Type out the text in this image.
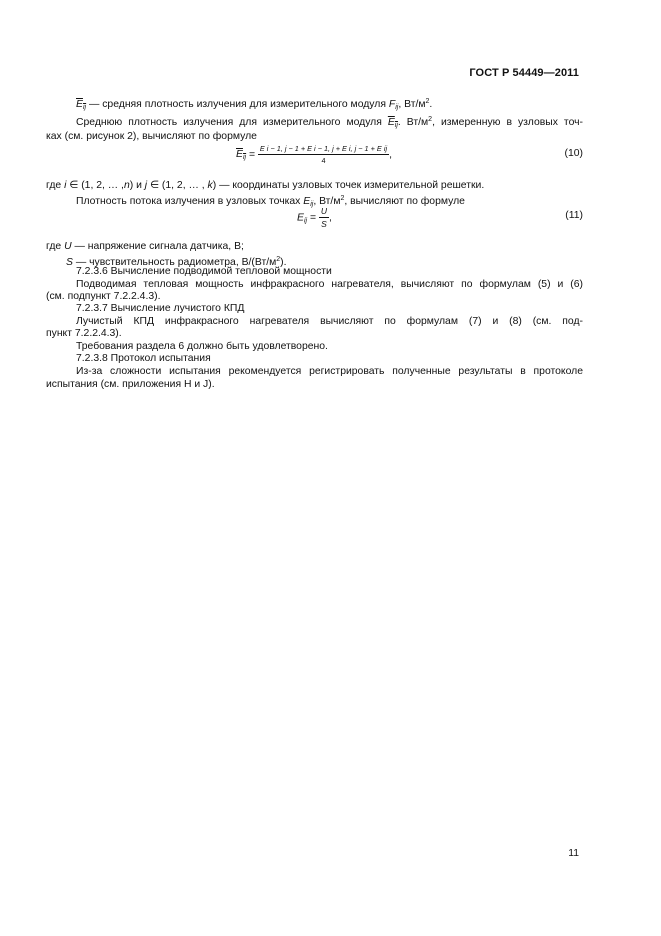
ГОСТ Р 54449—2011
$E_{ij}$ — средняя плотность излучения для измерительного модуля $F_{ij}$, $Вт/м^2$.
Среднюю плотность излучения для измерительного модуля $E_{ij}$. $Вт/м^2$, измеренную в узловых точ-
ках (см. рисунок 2), вычисляют по формуле
$E_{ij} = \frac{\text{E i − 1, j − 1 + E i − 1, j + E i, j − 1 + E ij}}{4}$ ,	(10)
где i ∈ (1, 2, … ,n) и j ∈ (1, 2, … , k) — координаты узловых точек измерительной решетки.
Плотность потока излучения в узловых точках $E_{ij}$, $Вт/м^2$, вычисляют по формуле
$E_{ij} = \frac{U}{S}$ ,	(11)
где U — напряжение сигнала датчика, В;
S — чувствительность радиометра, $В/(Вт/м^2)$.
7.2.3.6 Вычисление подводимой тепловой мощности
Подводимая тепловая мощность инфракрасного нагревателя, вычисляют по формулам (5) и (6)
(см. подпункт 7.2.2.4.3).
7.2.3.7 Вычисление лучистого КПД
Лучистый КПД инфракрасного нагревателя вычисляют по формулам (7) и (8) (см. под-
пункт 7.2.2.4.3).
Требования раздела 6 должно быть удовлетворено.
7.2.3.8 Протокол испытания
Из-за сложности испытания рекомендуется регистрировать полученные результаты в протоколе
испытания (см. приложения Н и J).
11
